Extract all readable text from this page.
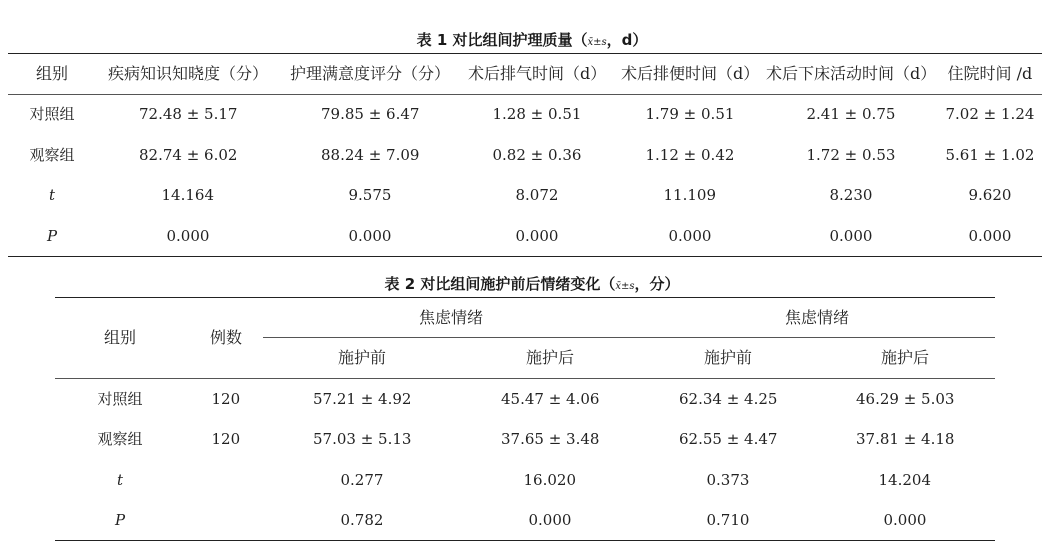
表 1 对比组间护理质量（x̄±s，d）
组别 疾病知识知晓度（分） 护理满意度评分（分） 术后排气时间（d） 术后排便时间（d） 术后下床活动时间（d） 住院时间 /d
对照组	72.48 ± 5.17	79.85 ± 6.47	1.28 ± 0.51	1.79 ± 0.51	2.41 ± 0.75	7.02 ± 1.24
观察组	82.74 ± 6.02	88.24 ± 7.09	0.82 ± 0.36	1.12 ± 0.42	1.72 ± 0.53	5.61 ± 1.02
t	14.164	9.575	8.072	11.109	8.230	9.620
P	0.000	0.000	0.000	0.000	0.000	0.000
表 2 对比组间施护前后情绪变化（x̄±s，分）
组别	例数
焦虑情绪	焦虑情绪
施护前	施护后	施护前	施护后
对照组	120	57.21 ± 4.92	45.47 ± 4.06	62.34 ± 4.25	46.29 ± 5.03
观察组	120	57.03 ± 5.13	37.65 ± 3.48	62.55 ± 4.47	37.81 ± 4.18
t	0.277	16.020	0.373	14.204
P	0.782	0.000	0.710	0.000
